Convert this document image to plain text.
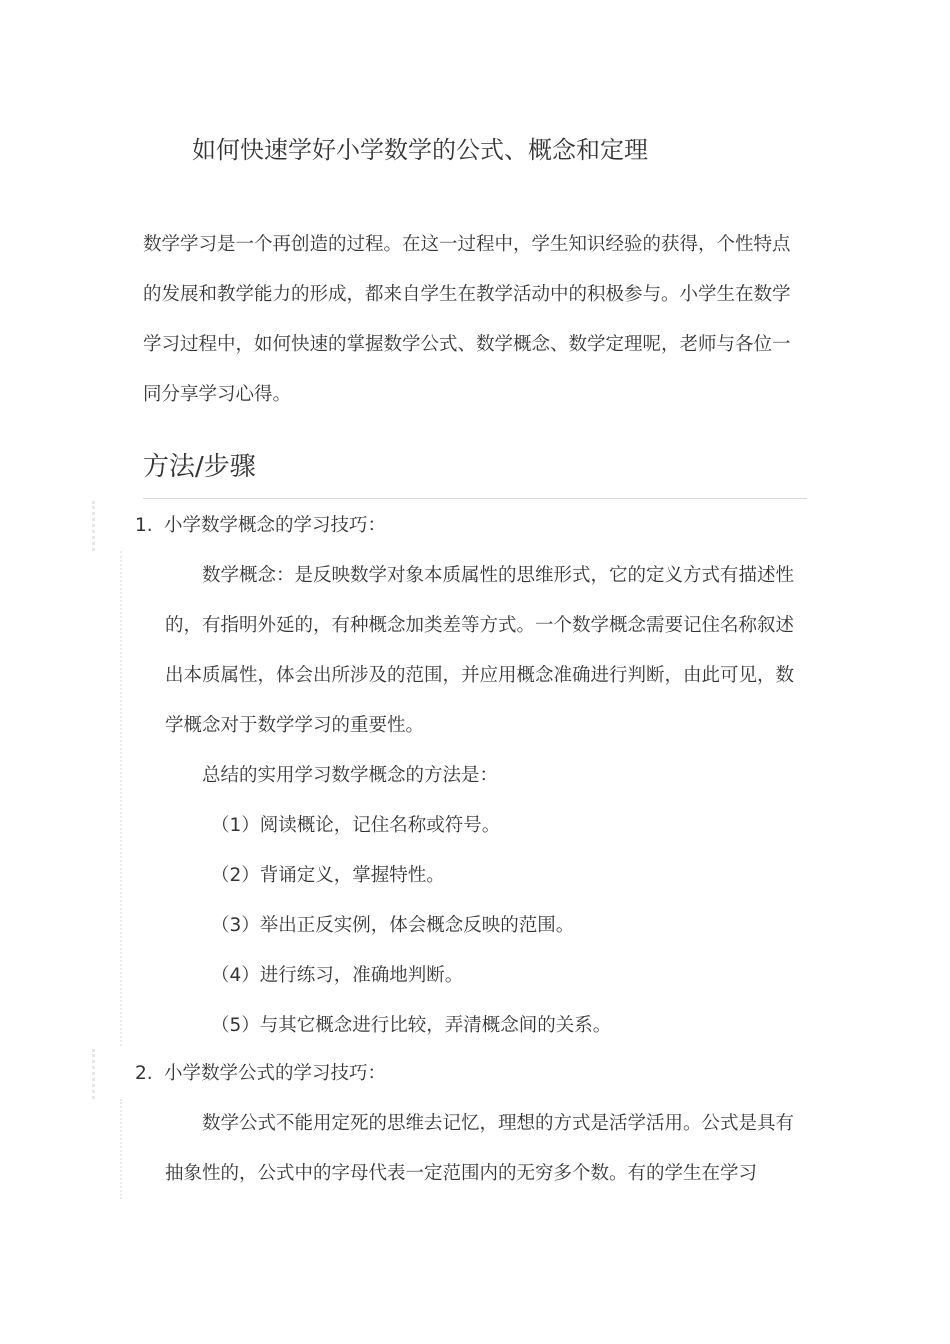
如何快速学好小学数学的公式、概念和定理

数学学习是一个再创造的过程。在这一过程中，学生知识经验的获得，个性特点的发展和教学能力的形成，都来自学生在教学活动中的积极参与。小学生在数学学习过程中，如何快速的掌握数学公式、数学概念、数学定理呢，老师与各位一同分享学习心得。

方法/步骤
1. 小学数学概念的学习技巧：

数学概念：是反映数学对象本质属性的思维形式，它的定义方式有描述性的，有指明外延的，有种概念加类差等方式。一个数学概念需要记住名称叙述出本质属性，体会出所涉及的范围，并应用概念准确进行判断，由此可见，数学概念对于数学学习的重要性。

总结的实用学习数学概念的方法是：

（1）阅读概论，记住名称或符号。

（2）背诵定义，掌握特性。

（3）举出正反实例，体会概念反映的范围。

（4）进行练习，准确地判断。

（5）与其它概念进行比较，弄清概念间的关系。

2. 小学数学公式的学习技巧：

数学公式不能用定死的思维去记忆，理想的方式是活学活用。公式是具有抽象性的，公式中的字母代表一定范围内的无穷多个数。有的学生在学习
